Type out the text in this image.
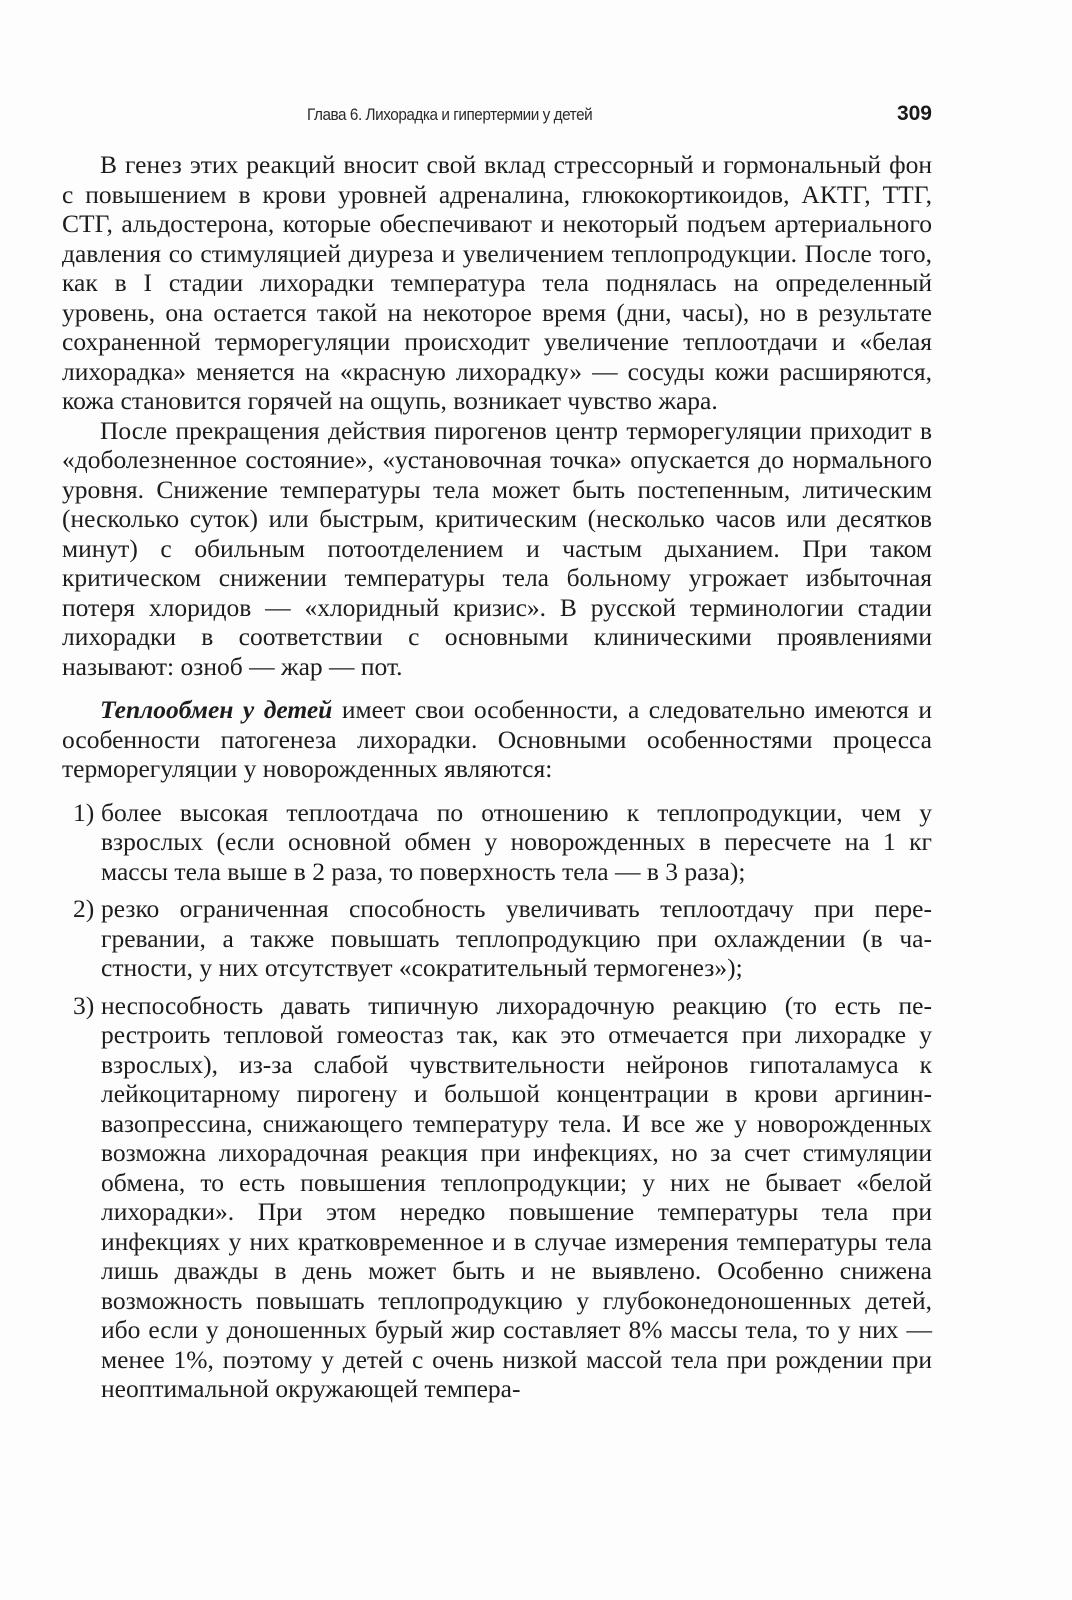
Глава 6. Лихорадка и гипертермии у детей	309

В генез этих реакций вносит свой вклад стрессорный и гормональный фон с повышением в крови уровней адреналина, глюкокортикоидов, АКТГ, ТТГ, СТГ, альдостерона, которые обеспечивают и некоторый подъем артериального давления со стимуляцией диуреза и увеличением теплопродукции. После того, как в I стадии лихорадки температура тела поднялась на определенный уровень, она остается такой на некоторое время (дни, часы), но в результате сохраненной терморегуляции происходит увеличение теплоотдачи и «белая лихорадка» меняется на «красную лихорадку» — сосуды кожи расширяются, кожа становится горячей на ощупь, возникает чувство жара.

После прекращения действия пирогенов центр терморегуляции приходит в «доболезненное состояние», «установочная точка» опускается до нормального уровня. Снижение температуры тела может быть постепенным, литическим (несколько суток) или быстрым, критическим (несколько часов или десятков минут) с обильным потоотделением и частым дыханием. При таком критическом снижении температуры тела больному угрожает избыточная потеря хлоридов — «хлоридный кризис». В русской терминологии стадии лихорадки в соответствии с основными клиническими проявлениями называют: озноб — жар — пот.

Теплообмен у детей имеет свои особенности, а следовательно имеются и особенности патогенеза лихорадки. Основными особенностями процесса терморегуляции у новорожденных являются:

1) более высокая теплоотдача по отношению к теплопродукции, чем у взрослых (если основной обмен у новорожденных в пересчете на 1 кг массы тела выше в 2 раза, то поверхность тела — в 3 раза);
2) резко ограниченная способность увеличивать теплоотдачу при перегревании, а также повышать теплопродукцию при охлаждении (в частности, у них отсутствует «сократительный термогенез»);
3) неспособность давать типичную лихорадочную реакцию (то есть перестроить тепловой гомеостаз так, как это отмечается при лихорадке у взрослых), из-за слабой чувствительности нейронов гипоталамуса к лейкоцитарному пирогену и большой концентрации в крови аргинин-вазопрессина, снижающего температуру тела. И все же у новорожденных возможна лихорадочная реакция при инфекциях, но за счет стимуляции обмена, то есть повышения теплопродукции; у них не бывает «белой лихорадки». При этом нередко повышение температуры тела при инфекциях у них кратковременное и в случае измерения температуры тела лишь дважды в день может быть и не выявлено. Особенно снижена возможность повышать теплопродукцию у глубоконедоношенных детей, ибо если у доношенных бурый жир составляет 8% массы тела, то у них — менее 1%, поэтому у детей с очень низкой массой тела при рождении при неоптимальной окружающей темпера-
